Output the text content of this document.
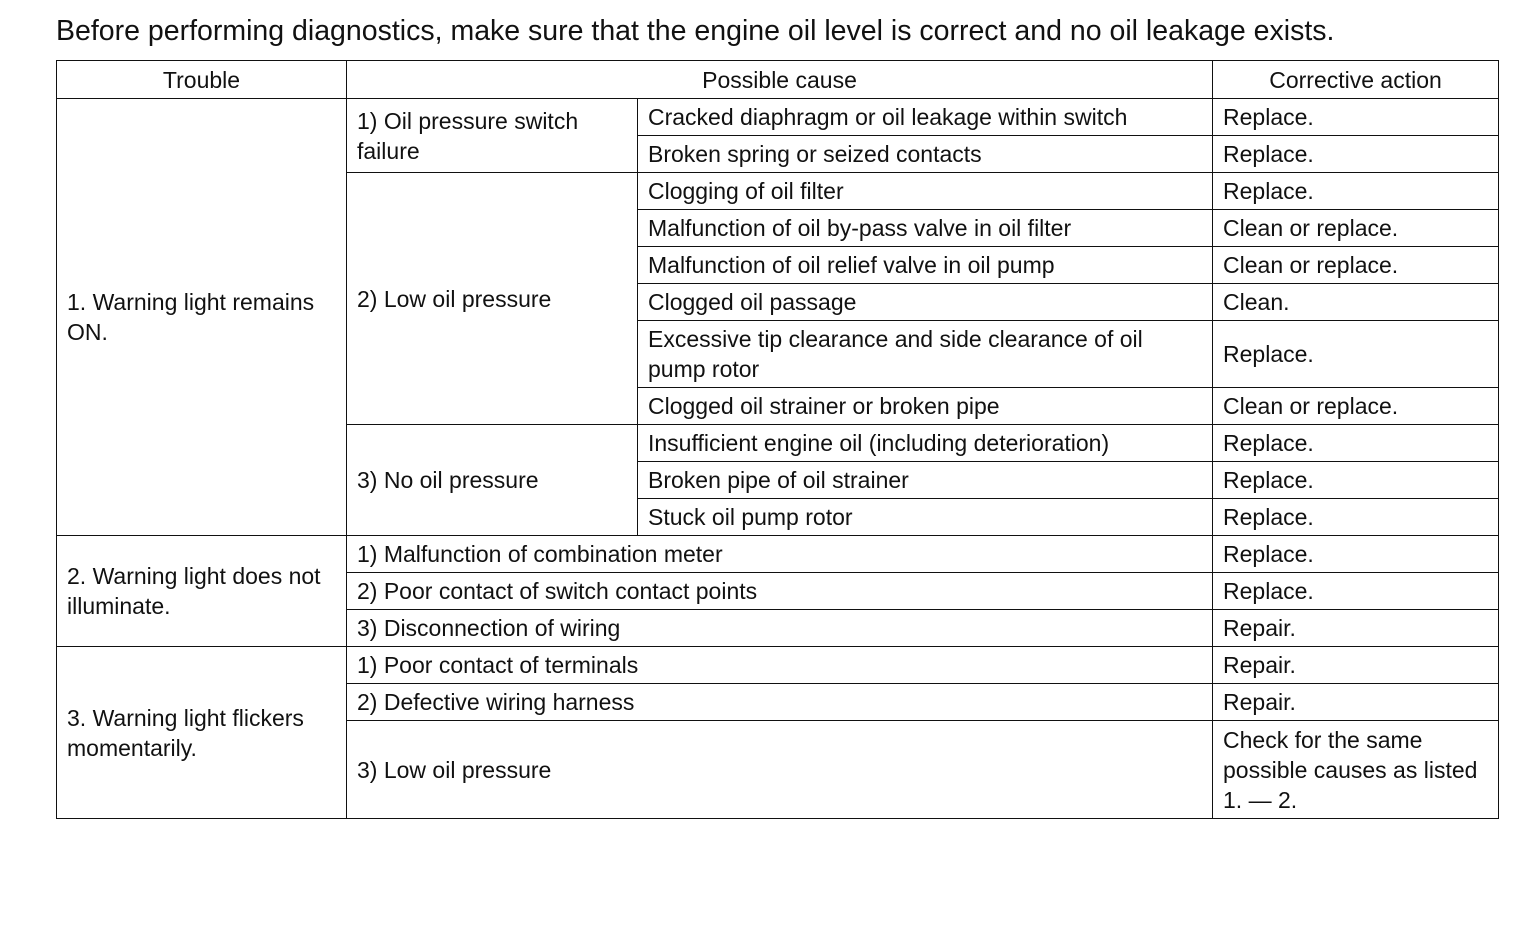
Before performing diagnostics, make sure that the engine oil level is correct and no oil leakage exists.

Trouble	Possible cause		Corrective action
1. Warning light remains ON.	1) Oil pressure switch failure	Cracked diaphragm or oil leakage within switch	Replace.
		Broken spring or seized contacts	Replace.
	2) Low oil pressure	Clogging of oil filter	Replace.
		Malfunction of oil by-pass valve in oil filter	Clean or replace.
		Malfunction of oil relief valve in oil pump	Clean or replace.
		Clogged oil passage	Clean.
		Excessive tip clearance and side clearance of oil pump rotor	Replace.
		Clogged oil strainer or broken pipe	Clean or replace.
	3) No oil pressure	Insufficient engine oil (including deterioration)	Replace.
		Broken pipe of oil strainer	Replace.
		Stuck oil pump rotor	Replace.
2. Warning light does not illuminate.	1) Malfunction of combination meter		Replace.
	2) Poor contact of switch contact points		Replace.
	3) Disconnection of wiring		Repair.
3. Warning light flickers momentarily.	1) Poor contact of terminals		Repair.
	2) Defective wiring harness		Repair.
	3) Low oil pressure		Check for the same possible causes as listed 1. — 2.
